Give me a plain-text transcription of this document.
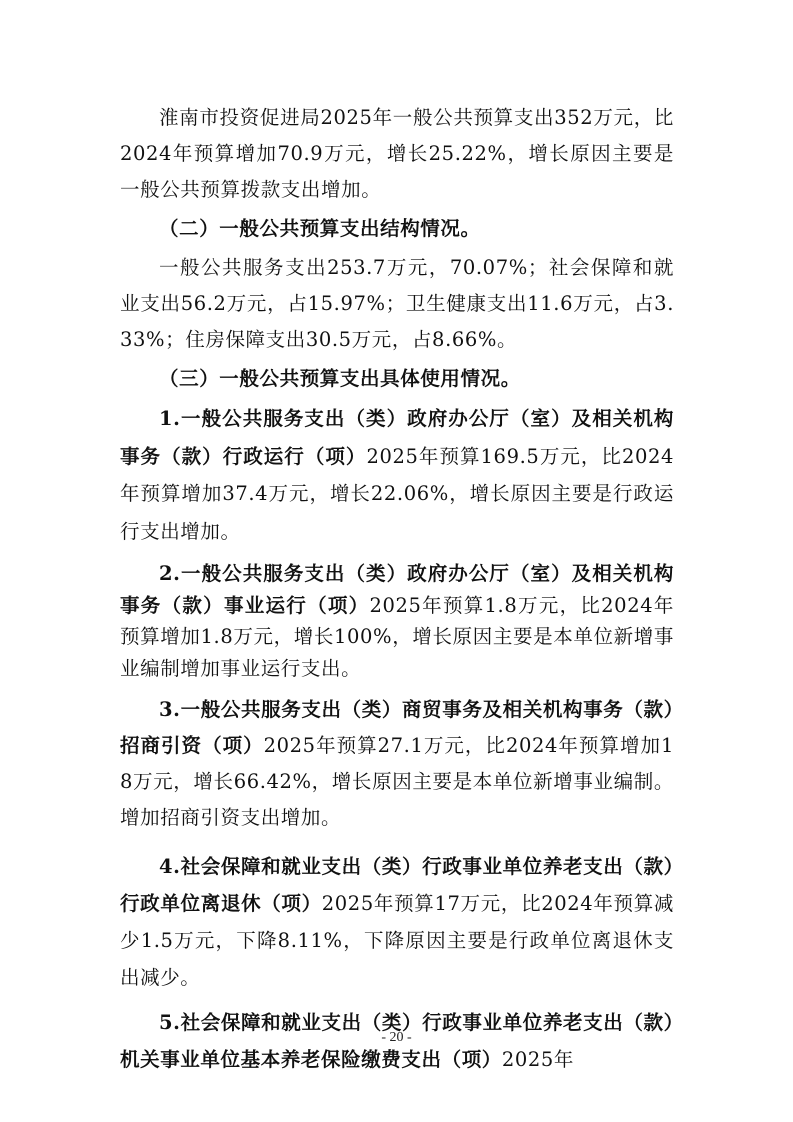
淮南市投资促进局2025年一般公共预算支出352万元，比2024年预算增加70.9万元，增长25.22%，增长原因主要是一般公共预算拨款支出增加。

（二）一般公共预算支出结构情况。

一般公共服务支出253.7万元，70.07%；社会保障和就业支出56.2万元，占15.97%；卫生健康支出11.6万元，占3.33%；住房保障支出30.5万元，占8.66%。

（三）一般公共预算支出具体使用情况。

1.一般公共服务支出（类）政府办公厅（室）及相关机构事务（款）行政运行（项）2025年预算169.5万元，比2024年预算增加37.4万元，增长22.06%，增长原因主要是行政运行支出增加。

2.一般公共服务支出（类）政府办公厅（室）及相关机构事务（款）事业运行（项）2025年预算1.8万元，比2024年预算增加1.8万元，增长100%，增长原因主要是本单位新增事业编制增加事业运行支出。

3.一般公共服务支出（类）商贸事务及相关机构事务（款）招商引资（项）2025年预算27.1万元，比2024年预算增加18万元，增长66.42%，增长原因主要是本单位新增事业编制。增加招商引资支出增加。

4.社会保障和就业支出（类）行政事业单位养老支出（款）行政单位离退休（项）2025年预算17万元，比2024年预算减少1.5万元，下降8.11%，下降原因主要是行政单位离退休支出减少。

5.社会保障和就业支出（类）行政事业单位养老支出（款）机关事业单位基本养老保险缴费支出（项）2025年

- 20 -
